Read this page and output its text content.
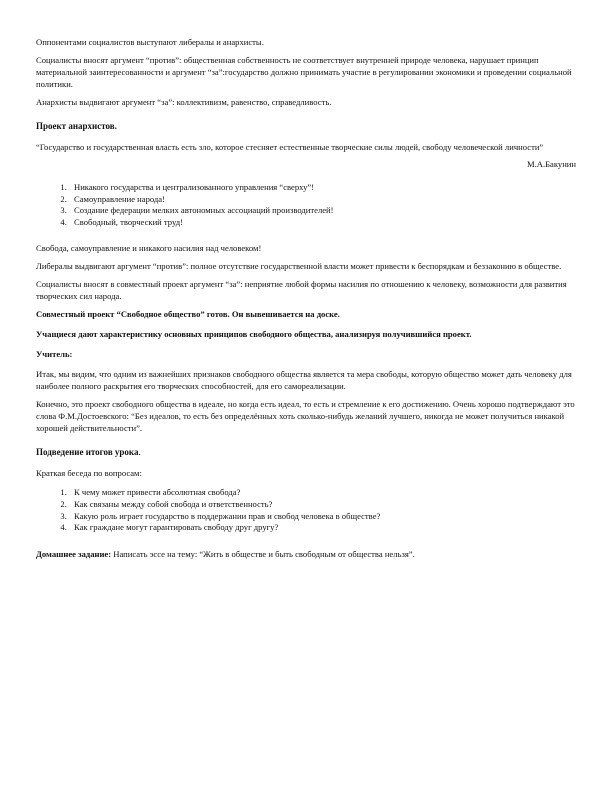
Оппонентами социалистов выступают либералы и анархисты.

Социалисты вносят аргумент “против”: общественная собственность не соответствует внутренней природе человека, нарушает принцип материальной заинтересованности и аргумент “за”:государство должно принимать участие в регулировании экономики и проведении социальной политики.

Анархисты выдвигают аргумент “за”: коллективизм, равенство, справедливость.

Проект анархистов.

“Государство и государственная власть есть зло, которое стесняет естественные творческие силы людей, свободу человеческой личности”

М.А.Бакунин
1. Никакого государства и централизованного управления “сверху”!
2. Самоуправление народа!
3. Создание федерации мелких автономных ассоциаций производителей!
4. Свободный, творческий труд!

Свобода, самоуправление и никакого насилия над человеком!

Либералы выдвигают аргумент “против”: полное отсутствие государственной власти может привести к беспорядкам и беззаконию в обществе.

Социалисты вносят в совместный проект аргумент “за”: неприятие любой формы насилия по отношению к человеку, возможности для развития творческих сил народа.

Совместный проект “Свободное общество” готов. Он вывешивается на доске.

Учащиеся дают характеристику основных принципов свободного общества, анализируя получившийся проект.

Учитель:

Итак, мы видим, что одним из важнейших признаков свободного общества является та мера свободы, которую общество может дать человеку для наиболее полного раскрытия его творческих способностей, для его самореализации.

Конечно, это проект свободного общества в идеале, но когда есть идеал, то есть и стремление к его достижению. Очень хорошо подтверждают это слова Ф.М.Достоевского: “Без идеалов, то есть без определённых хоть сколько-нибудь желаний лучшего, никогда не может получиться никакой хорошей действительности”.

Подведение итогов урока.

Краткая беседа по вопросам:

1. К чему может привести абсолютная свобода?
2. Как связаны между собой свобода и ответственность?
3. Какую роль играет государство в поддержании прав и свобод человека в обществе?
4. Как граждане могут гарантировать свободу друг другу?

Домашнее задание: Написать эссе на тему: “Жить в обществе и быть свободным от общества нельзя”.
